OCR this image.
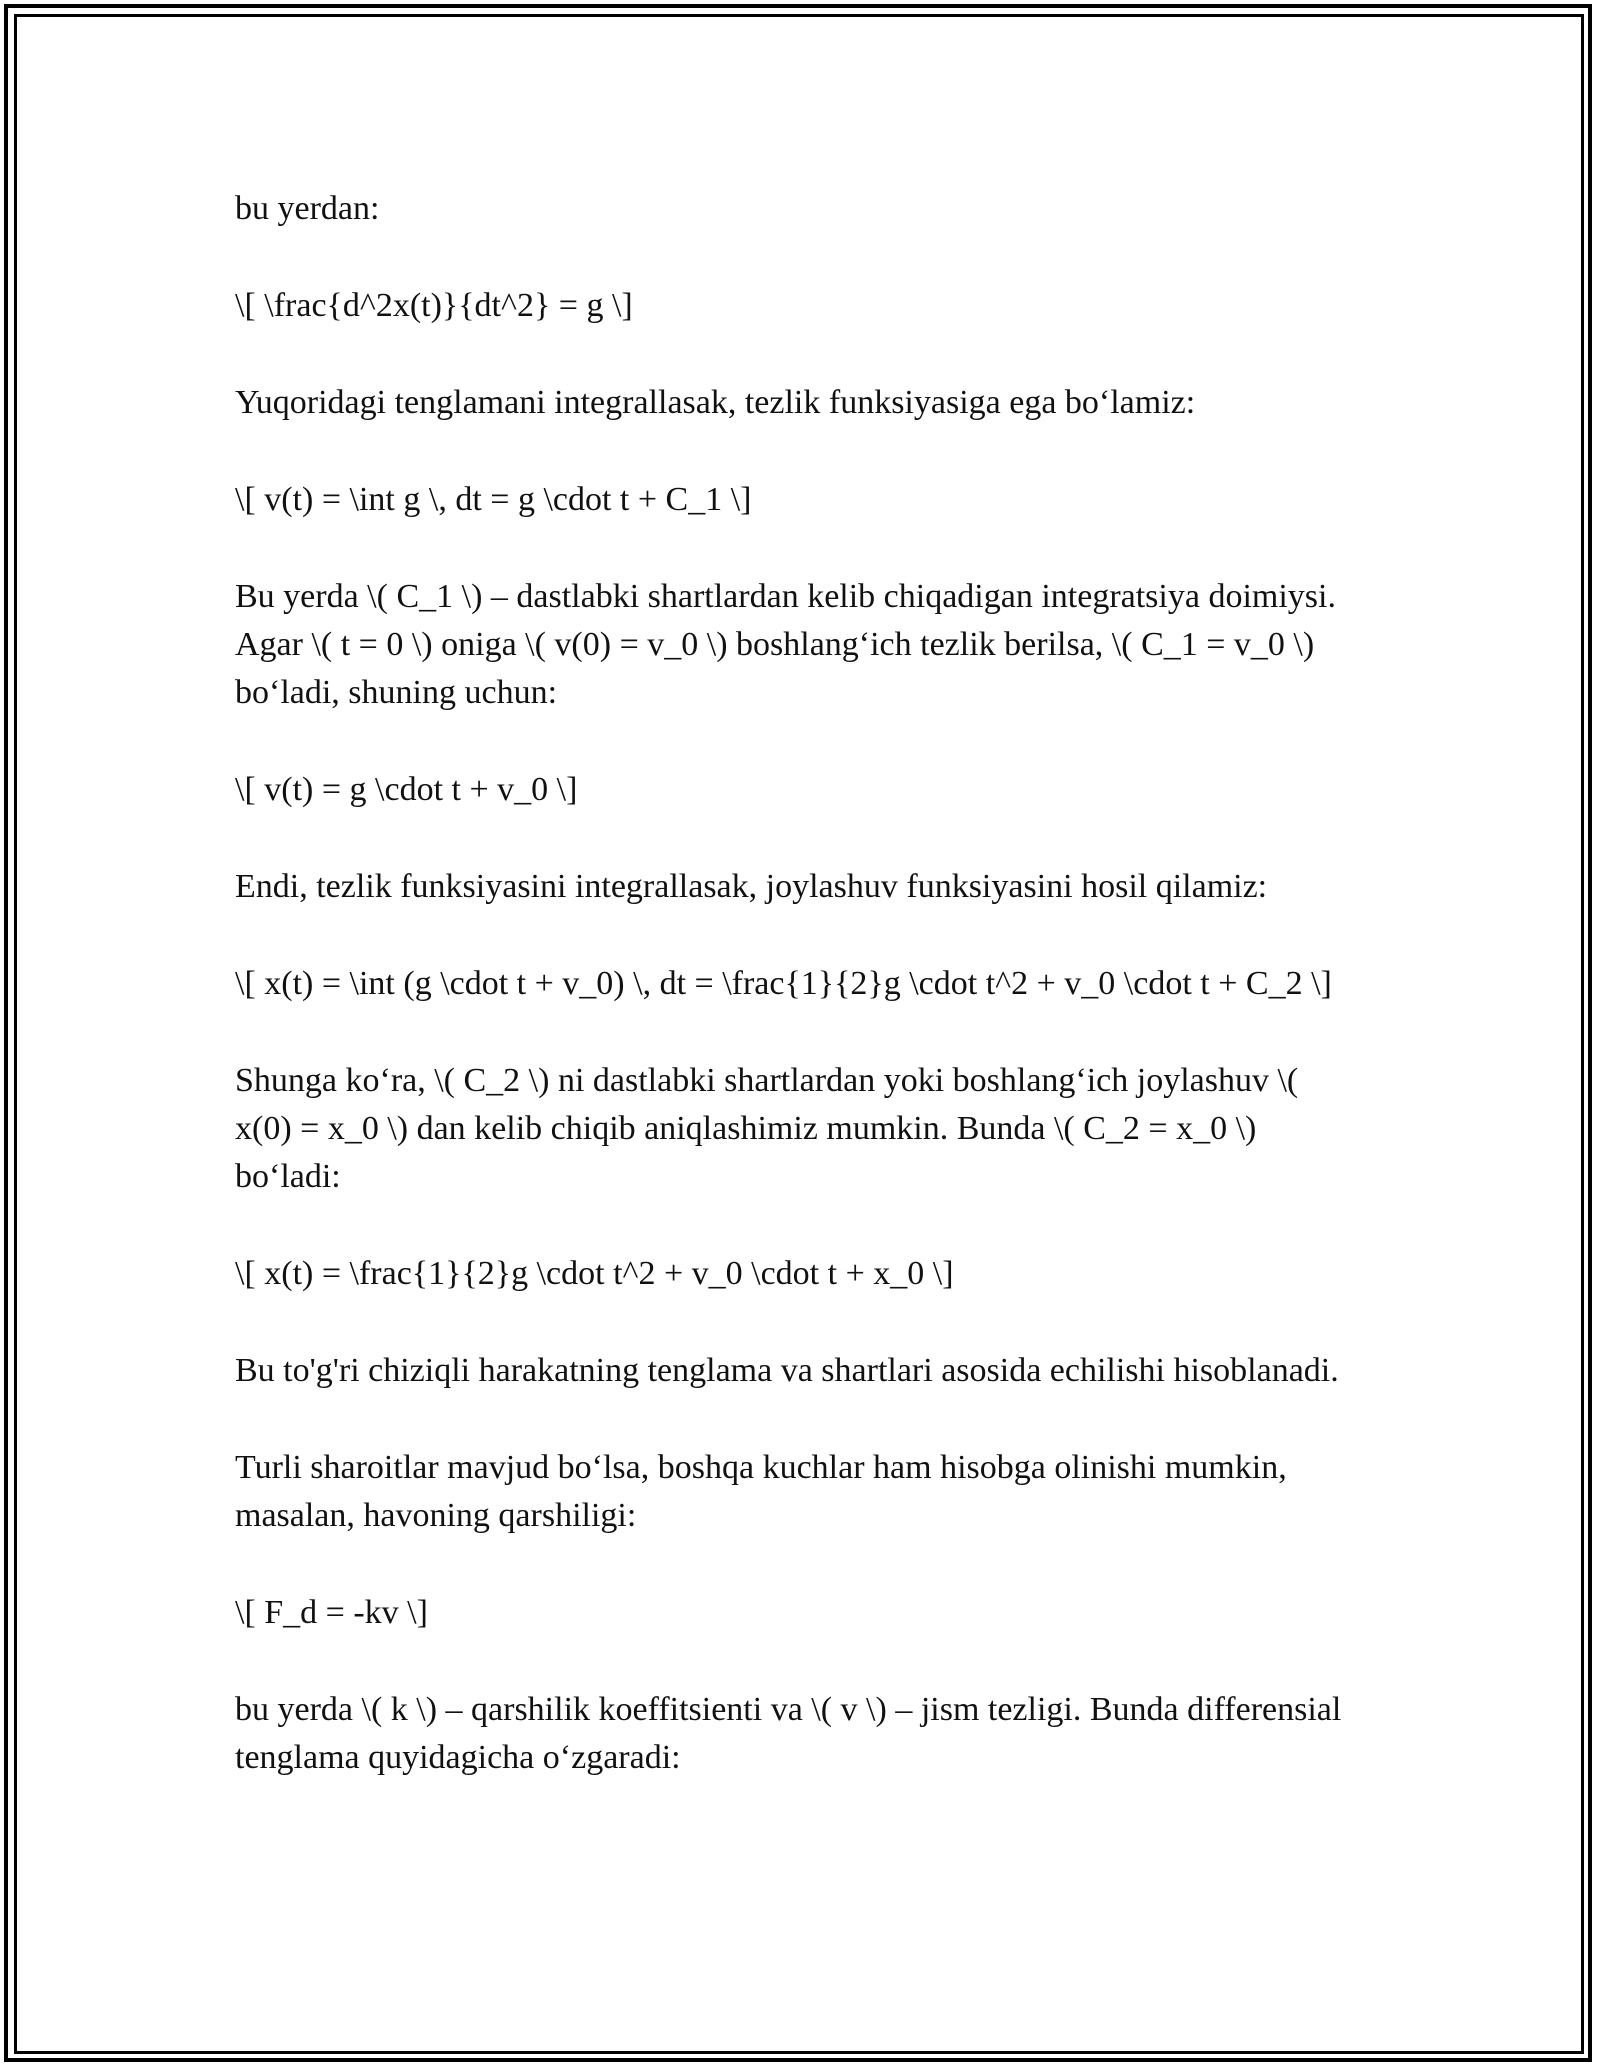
bu yerdan:

\[ \frac{d^2x(t)}{dt^2} = g \]

Yuqoridagi tenglamani integrallasak, tezlik funksiyasiga ega bo‘lamiz:

\[ v(t) = \int g \, dt = g \cdot t + C_1 \]

Bu yerda \( C_1 \) – dastlabki shartlardan kelib chiqadigan integratsiya doimiysi. Agar \( t = 0 \) oniga \( v(0) = v_0 \) boshlang‘ich tezlik berilsa, \( C_1 = v_0 \) bo‘ladi, shuning uchun:

\[ v(t) = g \cdot t + v_0 \]

Endi, tezlik funksiyasini integrallasak, joylashuv funksiyasini hosil qilamiz:

\[ x(t) = \int (g \cdot t + v_0) \, dt = \frac{1}{2}g \cdot t^2 + v_0 \cdot t + C_2 \]

Shunga ko‘ra, \( C_2 \) ni dastlabki shartlardan yoki boshlang‘ich joylashuv \( x(0) = x_0 \) dan kelib chiqib aniqlashimiz mumkin. Bunda \( C_2 = x_0 \) bo‘ladi:

\[ x(t) = \frac{1}{2}g \cdot t^2 + v_0 \cdot t + x_0 \]

Bu to'g'ri chiziqli harakatning tenglama va shartlari asosida echilishi hisoblanadi.

Turli sharoitlar mavjud bo‘lsa, boshqa kuchlar ham hisobga olinishi mumkin, masalan, havoning qarshiligi:

\[ F_d = -kv \]

bu yerda \( k \) – qarshilik koeffitsienti va \( v \) – jism tezligi. Bunda differensial tenglama quyidagicha o‘zgaradi:
